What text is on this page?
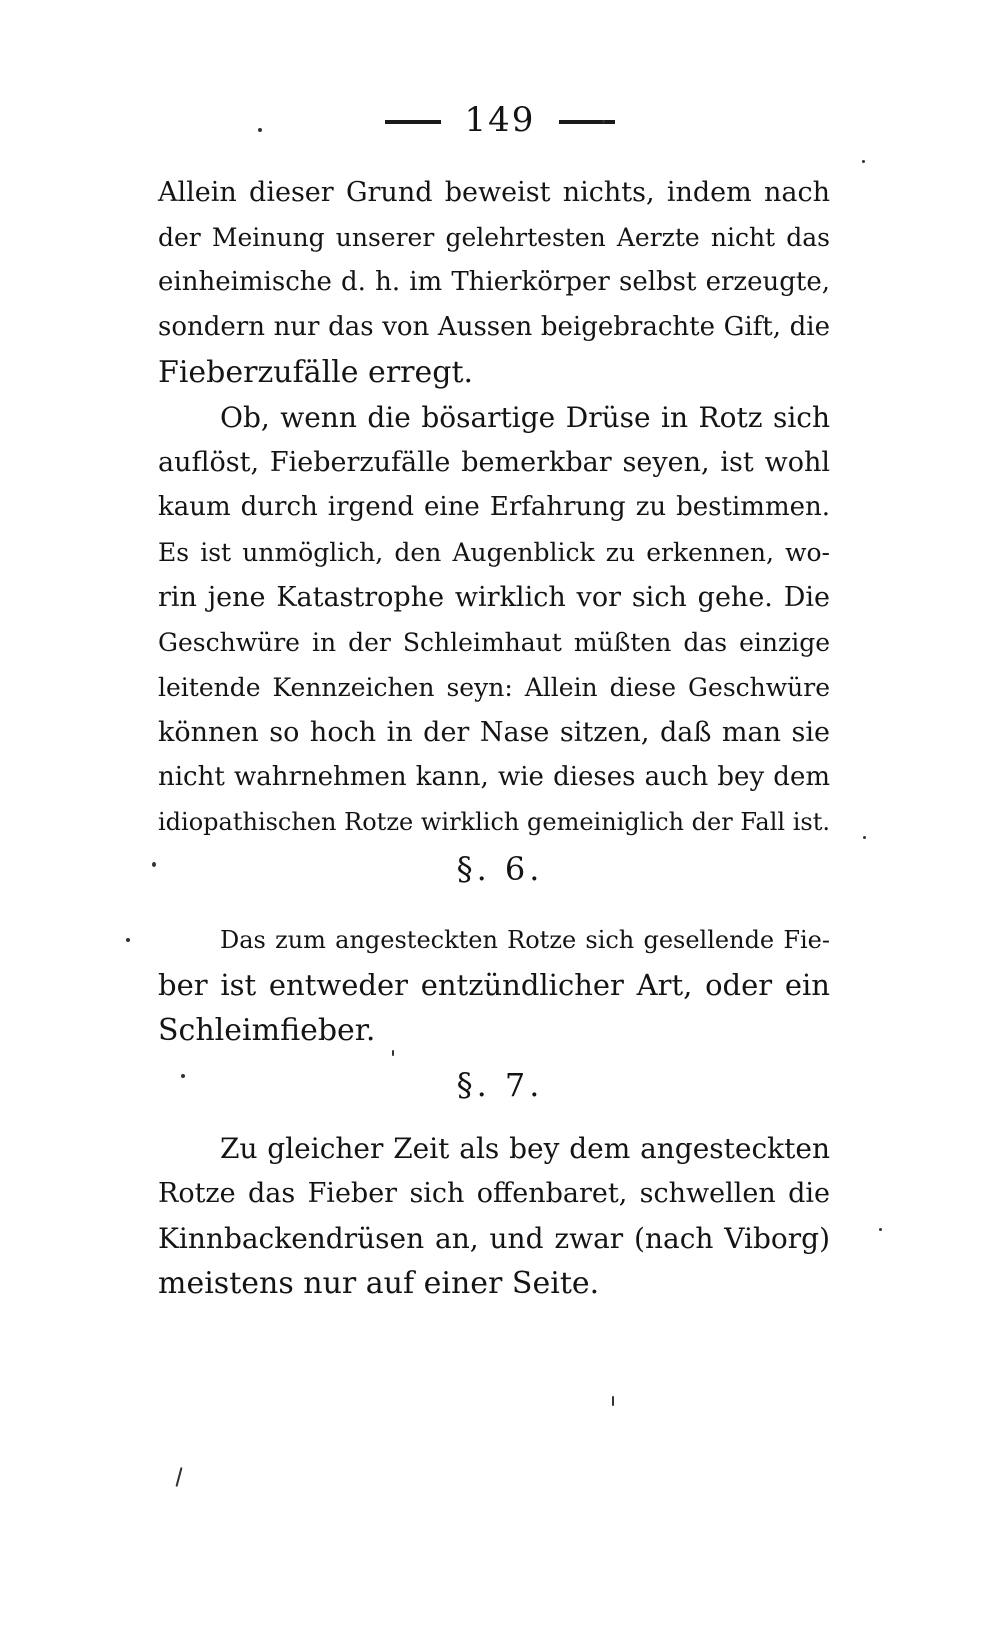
149
Allein dieser Grund beweist nichts, indem nach
der Meinung unserer gelehrtesten Aerzte nicht das
einheimische d. h. im Thierkörper selbst erzeugte,
sondern nur das von Aussen beigebrachte Gift, die
Fieberzufälle erregt.
Ob, wenn die bösartige Drüse in Rotz sich
auflöst, Fieberzufälle bemerkbar seyen, ist wohl
kaum durch irgend eine Erfahrung zu bestimmen.
Es ist unmöglich, den Augenblick zu erkennen, wo-
rin jene Katastrophe wirklich vor sich gehe. Die
Geschwüre in der Schleimhaut müßten das einzige
leitende Kennzeichen seyn: Allein diese Geschwüre
können so hoch in der Nase sitzen, daß man sie
nicht wahrnehmen kann, wie dieses auch bey dem
idiopathischen Rotze wirklich gemeiniglich der Fall ist.
§. 6.
Das zum angesteckten Rotze sich gesellende Fie-
ber ist entweder entzündlicher Art, oder ein
Schleimfieber.
§. 7.
Zu gleicher Zeit als bey dem angesteckten
Rotze das Fieber sich offenbaret, schwellen die
Kinnbackendrüsen an, und zwar (nach Viborg)
meistens nur auf einer Seite.
